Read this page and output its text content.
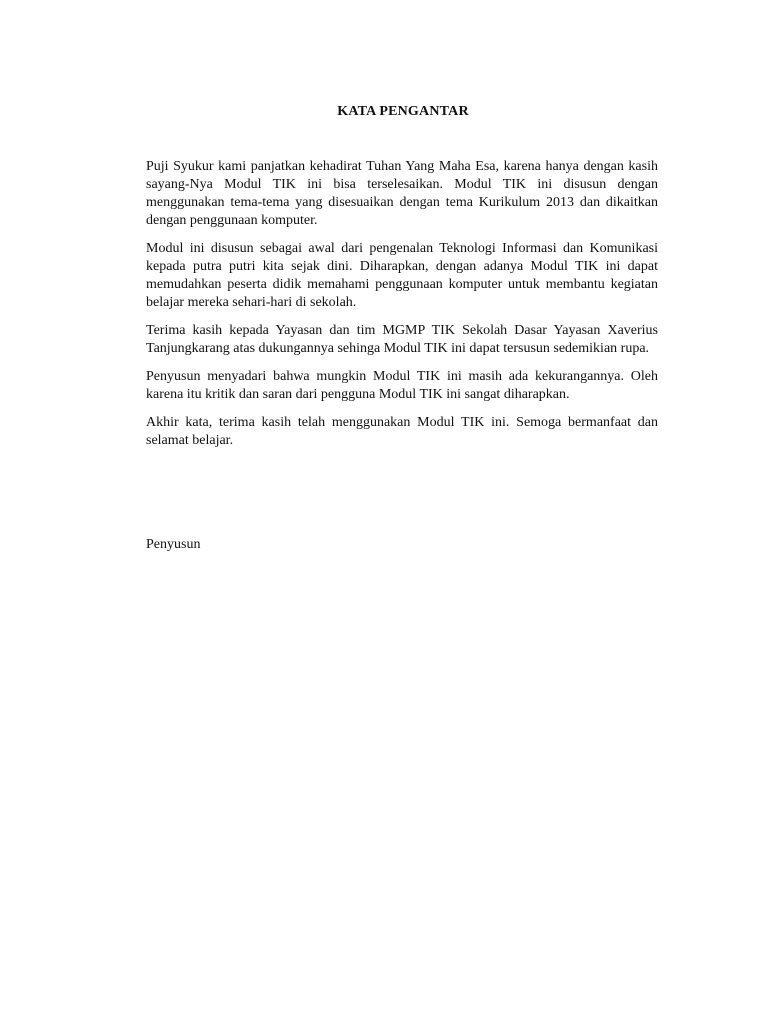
KATA PENGANTAR

Puji Syukur kami panjatkan kehadirat Tuhan Yang Maha Esa, karena hanya dengan kasih sayang-Nya Modul TIK ini bisa terselesaikan. Modul TIK ini disusun dengan menggunakan tema-tema yang disesuaikan dengan tema Kurikulum 2013 dan dikaitkan dengan penggunaan komputer.

Modul ini disusun sebagai awal dari pengenalan Teknologi Informasi dan Komunikasi kepada putra putri kita sejak dini. Diharapkan, dengan adanya Modul TIK ini dapat memudahkan peserta didik memahami penggunaan komputer untuk membantu kegiatan belajar mereka sehari-hari di sekolah.

Terima kasih kepada Yayasan dan tim MGMP TIK Sekolah Dasar Yayasan Xaverius Tanjungkarang atas dukungannya sehinga Modul TIK ini dapat tersusun sedemikian rupa.

Penyusun menyadari bahwa mungkin Modul TIK ini masih ada kekurangannya. Oleh karena itu kritik dan saran dari pengguna Modul TIK ini sangat diharapkan.

Akhir kata, terima kasih telah menggunakan Modul TIK ini. Semoga bermanfaat dan selamat belajar.

Penyusun
